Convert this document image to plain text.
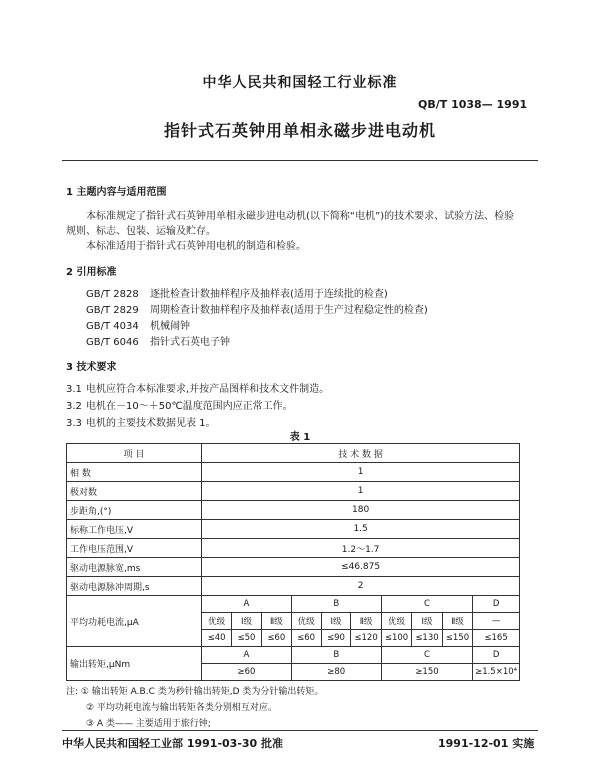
中华人民共和国轻工行业标准
QB/T 1038— 1991
指针式石英钟用单相永磁步进电动机
1 主题内容与适用范围
本标准规定了指针式石英钟用单相永磁步进电动机(以下简称“电机”)的技术要求、试验方法、检验
规则、标志、包装、运输及贮存。
本标准适用于指针式石英钟用电机的制造和检验。
2 引用标准
GB/T 2828 逐批检查计数抽样程序及抽样表(适用于连续批的检查)
GB/T 2829 周期检查计数抽样程序及抽样表(适用于生产过程稳定性的检查)
GB/T 4034 机械闹钟
GB/T 6046 指针式石英电子钟
3 技术要求
3.1 电机应符合本标准要求,并按产品图样和技术文件制造。
3.2 电机在－10～＋50℃温度范围内应正常工作。
3.3 电机的主要技术数据见表 1。
表 1
项 目	技 术 数 据									
相 数	1									
极对数	1									
步距角,(°)	180									
标称工作电压,V	1.5									
工作电压范围,V	1.2～1.7									
驱动电源脉宽,ms	≤46.875									
驱动电源脉冲周期,s	2									
平均功耗电流,μA	A			B			C			D
	优级	Ⅰ级	Ⅱ级	优级	Ⅰ级	Ⅱ级	优级	Ⅰ级	Ⅱ级	—
	≤40	≤50	≤60	≤60	≤90	≤120	≤100	≤130	≤150	≤165
输出转矩,μNm	A			B			C			D
	≥60			≥80			≥150			≥1.5×10⁴
注: ① 输出转矩 A.B.C 类为秒针输出转矩,D 类为分针输出转矩。
② 平均功耗电流与输出转矩各类分别相互对应。
③ A 类—— 主要适用于旅行钟;
中华人民共和国轻工业部 1991-03-30 批准	1991-12-01 实施
